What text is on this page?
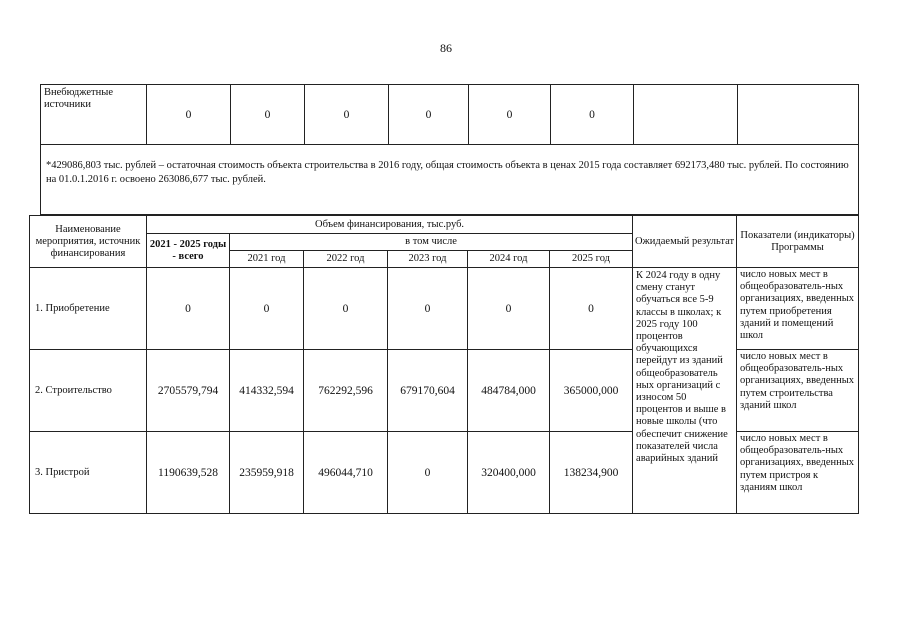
86
Внебюджетные источники	0	0	0	0	0	0		
*429086,803 тыс. рублей – остаточная стоимость объекта строительства в 2016 году, общая стоимость объекта в ценах 2015 года составляет 692173,480 тыс. рублей. По состоянию на 01.0.1.2016 г. освоено 263086,677 тыс. рублей.
Наименование мероприятия, источник финансирования	Объем финансирования, тыс.руб.						Ожидаемый результат	Показатели (индикаторы) Программы
	2021 - 2025 годы - всего	в том числе						
		2021 год	2022 год	2023 год	2024 год	2025 год		
1. Приобретение	0	0	0	0	0	0	К 2024 году в одну смену станут обучаться все 5-9 классы в школах; к 2025 году 100 процентов обучающихся перейдут из зданий общеобразователь ных организаций с износом 50 процентов и выше в новые школы (что обеспечит снижение показателей числа аварийных зданий	число новых мест в общеобразователь-ных организациях, введенных путем приобретения зданий и помещений школ
2. Строительство	2705579,794	414332,594	762292,596	679170,604	484784,000	365000,000		число новых мест в общеобразователь-ных организациях, введенных путем строительства зданий школ
3. Пристрой	1190639,528	235959,918	496044,710	0	320400,000	138234,900		число новых мест в общеобразователь-ных организациях, введенных путем пристроя к зданиям школ
